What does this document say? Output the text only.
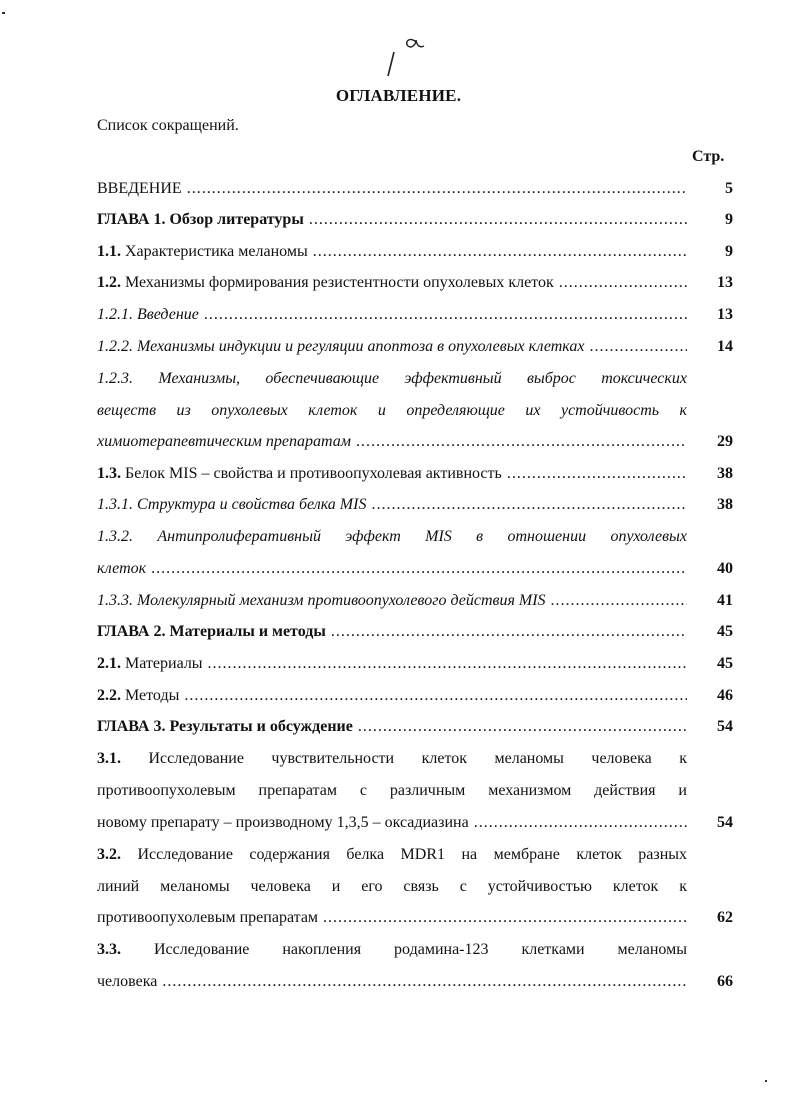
ОГЛАВЛЕНИЕ.
Список сокращений.
Стр.
ВВЕДЕНИЕ .....	5
ГЛАВА 1. Обзор литературы .....	9
1.1. Характеристика меланомы .....	9
1.2. Механизмы формирования резистентности опухолевых клеток .....	13
1.2.1. Введение .....	13
1.2.2. Механизмы индукции и регуляции апоптоза в опухолевых клетках .....	14
1.2.3. Механизмы, обеспечивающие эффективный выброс токсических
веществ из опухолевых клеток и определяющие их устойчивость к
химиотерапевтическим препаратам .....	29
1.3. Белок MIS – свойства и противоопухолевая активность .....	38
1.3.1. Структура и свойства белка MIS .....	38
1.3.2. Антипролиферативный эффект MIS в отношении опухолевых
клеток .....	40
1.3.3. Молекулярный механизм противоопухолевого действия MIS .....	41
ГЛАВА 2. Материалы и методы .....	45
2.1. Материалы .....	45
2.2. Методы .....	46
ГЛАВА 3. Результаты и обсуждение .....	54
3.1. Исследование чувствительности клеток меланомы человека к
противоопухолевым препаратам с различным механизмом действия и
новому препарату – производному 1,3,5 – оксадиазина .....	54
3.2. Исследование содержания белка MDR1 на мембране клеток разных
линий меланомы человека и его связь с устойчивостью клеток к
противоопухолевым препаратам .....	62
3.3. Исследование накопления родамина-123 клетками меланомы
человека .....	66
